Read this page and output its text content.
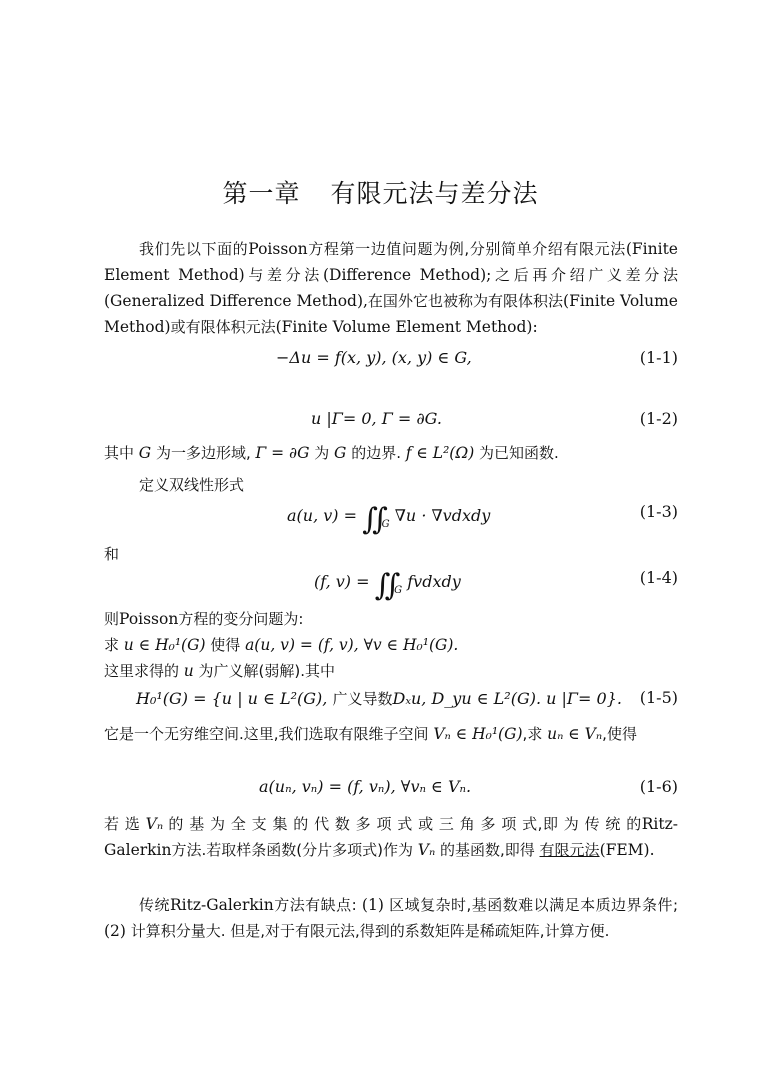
第一章 有限元法与差分法
我们先以下面的Poisson方程第一边值问题为例,分别简单介绍有限元法(Finite Element Method)与差分法(Difference Method);之后再介绍广义差分法(Generalized Difference Method),在国外它也被称为有限体积法(Finite Volume Method)或有限体积元法(Finite Volume Element Method):
−Δu = f(x, y), (x, y) ∈ G,	(1-1)
u |Γ= 0, Γ = ∂G.	(1-2)
其中 G 为一多边形域, Γ = ∂G 为 G 的边界. f ∈ L²(Ω) 为已知函数.
定义双线性形式
a(u, $v) = ∬_G$ ∇u · ∇vdxdy	(1-3)
和
(f, $v) = ∬_G$ fvdxdy	(1-4)
则Poisson方程的变分问题为:
求 u ∈ H₀¹(G) 使得 a(u, v) = (f, v), ∀v ∈ H₀¹(G).
这里求得的 u 为广义解(弱解).其中
H₀¹(G) = {u | u ∈ L²(G), 广义导数Dₓu, D_yu ∈ L²(G). u |Γ= 0}. (1-5)
它是一个无穷维空间.这里,我们选取有限维子空间 Vₙ ∈ H₀¹(G),求 uₙ ∈ Vₙ,使得
a(uₙ, vₙ) = (f, vₙ), ∀vₙ ∈ Vₙ.	(1-6)
若 选 Vₙ 的 基 为 全 支 集 的 代 数 多 项 式 或 三 角 多 项 式,即 为 传 统 的Ritz-Galerkin方法.若取样条函数(分片多项式)作为 Vₙ 的基函数,即得 有限元法(FEM).
传统Ritz-Galerkin方法有缺点: (1) 区域复杂时,基函数难以满足本质边界条件;(2) 计算积分量大. 但是,对于有限元法,得到的系数矩阵是稀疏矩阵,计算方便.
